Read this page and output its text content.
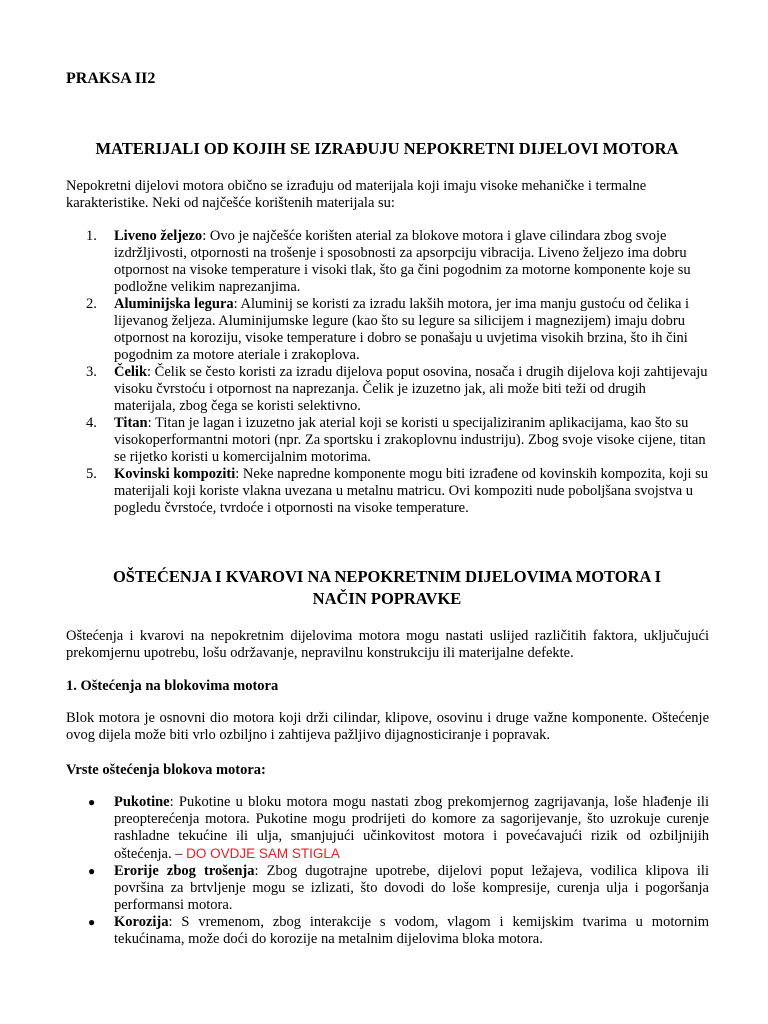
PRAKSA II2
MATERIJALI OD KOJIH SE IZRAĐUJU NEPOKRETNI DIJELOVI MOTORA

Nepokretni dijelovi motora obično se izrađuju od materijala koji imaju visoke mehaničke i termalne karakteristike. Neki od najčešće korištenih materijala su:

1. Liveno željezo: Ovo je najčešće korišten aterial za blokove motora i glave cilindara zbog svoje izdržljivosti, otpornosti na trošenje i sposobnosti za apsorpciju vibracija. Liveno željezo ima dobru otpornost na visoke temperature i visoki tlak, što ga čini pogodnim za motorne komponente koje su podložne velikim naprezanjima.
2. Aluminijska legura: Aluminij se koristi za izradu lakših motora, jer ima manju gustoću od čelika i lijevanog željeza. Aluminijumske legure (kao što su legure sa silicijem i magnezijem) imaju dobru otpornost na koroziju, visoke temperature i dobro se ponašaju u uvjetima visokih brzina, što ih čini pogodnim za motore ateriale i zrakoplova.
3. Čelik: Čelik se često koristi za izradu dijelova poput osovina, nosača i drugih dijelova koji zahtijevaju visoku čvrstoću i otpornost na naprezanja. Čelik je izuzetno jak, ali može biti teži od drugih materijala, zbog čega se koristi selektivno.
4. Titan: Titan je lagan i izuzetno jak aterial koji se koristi u specijaliziranim aplikacijama, kao što su visokoperformantni motori (npr. Za sportsku i zrakoplovnu industriju). Zbog svoje visoke cijene, titan se rijetko koristi u komercijalnim motorima.
5. Kovinski kompoziti: Neke napredne komponente mogu biti izrađene od kovinskih kompozita, koji su materijali koji koriste vlakna uvezana u metalnu matricu. Ovi kompoziti nude poboljšana svojstva u pogledu čvrstoće, tvrdoće i otpornosti na visoke temperature.
OŠTEĆENJA I KVAROVI NA NEPOKRETNIM DIJELOVIMA MOTORA I
NAČIN POPRAVKE

Oštećenja i kvarovi na nepokretnim dijelovima motora mogu nastati uslijed različitih faktora, uključujući prekomjernu upotrebu, lošu održavanje, nepravilnu konstrukciju ili materijalne defekte.

1. Oštećenja na blokovima motora

Blok motora je osnovni dio motora koji drži cilindar, klipove, osovinu i druge važne komponente. Oštećenje ovog dijela može biti vrlo ozbiljno i zahtijeva pažljivo dijagnosticiranje i popravak.

Vrste oštećenja blokova motora:

● Pukotine: Pukotine u bloku motora mogu nastati zbog prekomjernog zagrijavanja, loše hlađenje ili preopterećenja motora. Pukotine mogu prodrijeti do komore za sagorijevanje, što uzrokuje curenje rashladne tekućine ili ulja, smanjujući učinkovitost motora i povećavajući rizik od ozbiljnijih oštećenja. – DO OVDJE SAM STIGLA
● Erorije zbog trošenja: Zbog dugotrajne upotrebe, dijelovi poput ležajeva, vodilica klipova ili površina za brtvljenje mogu se izlizati, što dovodi do loše kompresije, curenja ulja i pogoršanja performansi motora.
● Korozija: S vremenom, zbog interakcije s vodom, vlagom i kemijskim tvarima u motornim tekućinama, može doći do korozije na metalnim dijelovima bloka motora.
